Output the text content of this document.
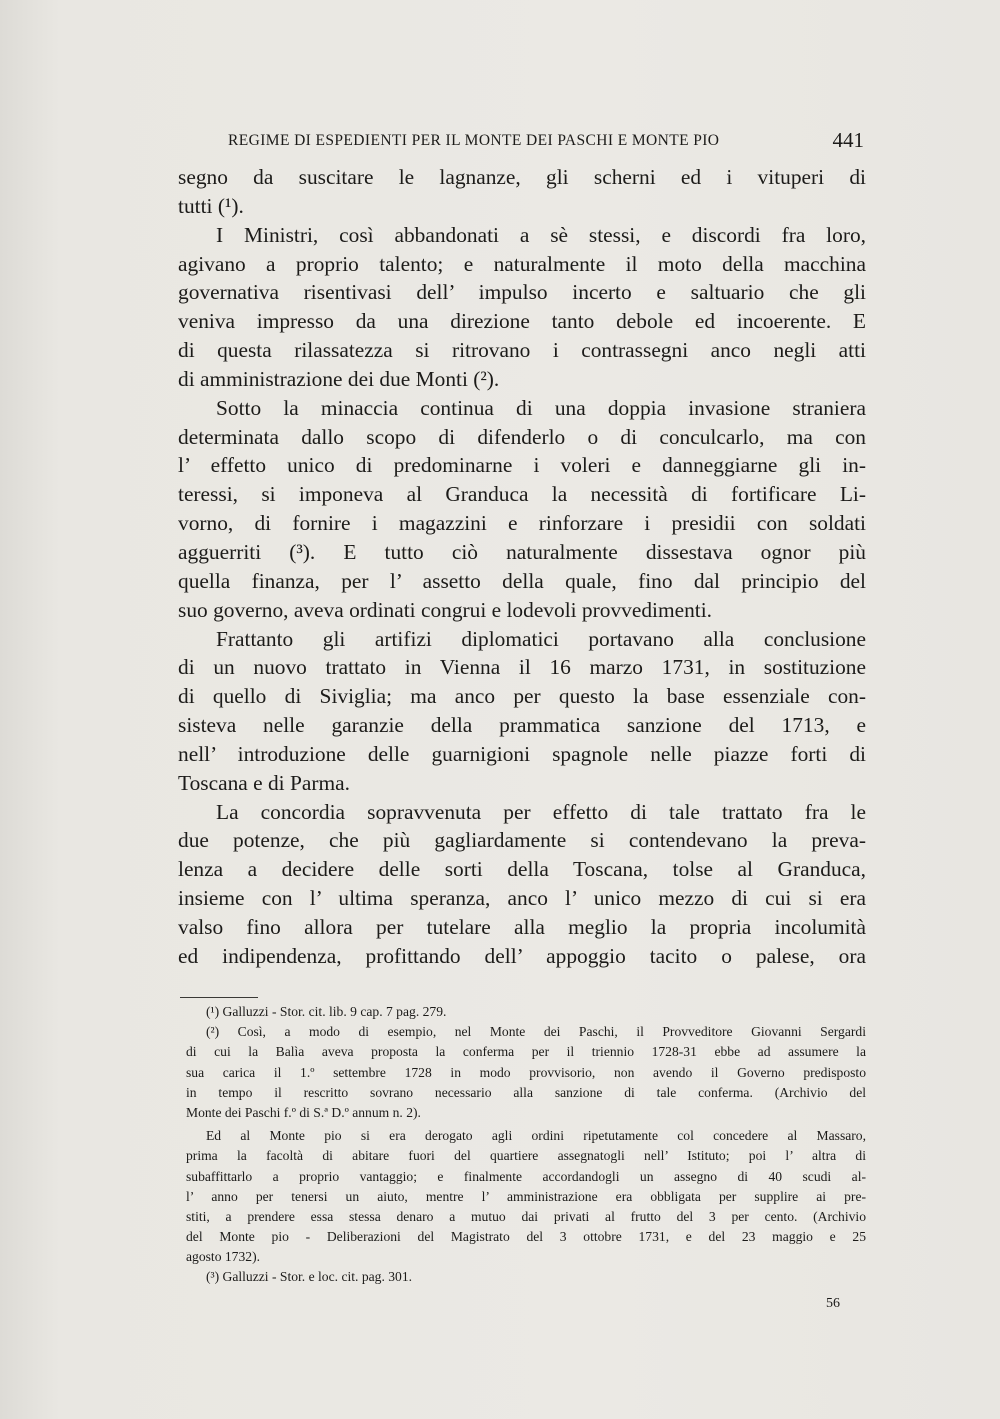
REGIME DI ESPEDIENTI PER IL MONTE DEI PASCHI E MONTE PIO	441
segno da suscitare le lagnanze, gli scherni ed i vituperi di
tutti (¹).
I Ministri, così abbandonati a sè stessi, e discordi fra loro,
agivano a proprio talento; e naturalmente il moto della macchina
governativa risentivasi dell’ impulso incerto e saltuario che gli
veniva impresso da una direzione tanto debole ed incoerente. E
di questa rilassatezza si ritrovano i contrassegni anco negli atti
di amministrazione dei due Monti (²).
Sotto la minaccia continua di una doppia invasione straniera
determinata dallo scopo di difenderlo o di conculcarlo, ma con
l’ effetto unico di predominarne i voleri e danneggiarne gli in-
teressi, si imponeva al Granduca la necessità di fortificare Li-
vorno, di fornire i magazzini e rinforzare i presidii con soldati
agguerriti (³). E tutto ciò naturalmente dissestava ognor più
quella finanza, per l’ assetto della quale, fino dal principio del
suo governo, aveva ordinati congrui e lodevoli provvedimenti.
Frattanto gli artifizi diplomatici portavano alla conclusione
di un nuovo trattato in Vienna il 16 marzo 1731, in sostituzione
di quello di Siviglia; ma anco per questo la base essenziale con-
sisteva nelle garanzie della prammatica sanzione del 1713, e
nell’ introduzione delle guarnigioni spagnole nelle piazze forti di
Toscana e di Parma.
La concordia sopravvenuta per effetto di tale trattato fra le
due potenze, che più gagliardamente si contendevano la preva-
lenza a decidere delle sorti della Toscana, tolse al Granduca,
insieme con l’ ultima speranza, anco l’ unico mezzo di cui si era
valso fino allora per tutelare alla meglio la propria incolumità
ed indipendenza, profittando dell’ appoggio tacito o palese, ora
(¹) Galluzzi - Stor. cit. lib. 9 cap. 7 pag. 279.
(²) Così, a modo di esempio, nel Monte dei Paschi, il Provveditore Giovanni Sergardi
di cui la Balìa aveva proposta la conferma per il triennio 1728-31 ebbe ad assumere la
sua carica il 1.º settembre 1728 in modo provvisorio, non avendo il Governo predisposto
in tempo il rescritto sovrano necessario alla sanzione di tale conferma. (Archivio del
Monte dei Paschi f.º di S.ª D.º annum n. 2).
Ed al Monte pio si era derogato agli ordini ripetutamente col concedere al Massaro,
prima la facoltà di abitare fuori del quartiere assegnatogli nell’ Istituto; poi l’ altra di
subaffittarlo a proprio vantaggio; e finalmente accordandogli un assegno di 40 scudi al-
l’ anno per tenersi un aiuto, mentre l’ amministrazione era obbligata per supplire ai pre-
stiti, a prendere essa stessa denaro a mutuo dai privati al frutto del 3 per cento. (Archivio
del Monte pio - Deliberazioni del Magistrato del 3 ottobre 1731, e del 23 maggio e 25
agosto 1732).
(³) Galluzzi - Stor. e loc. cit. pag. 301.
56
